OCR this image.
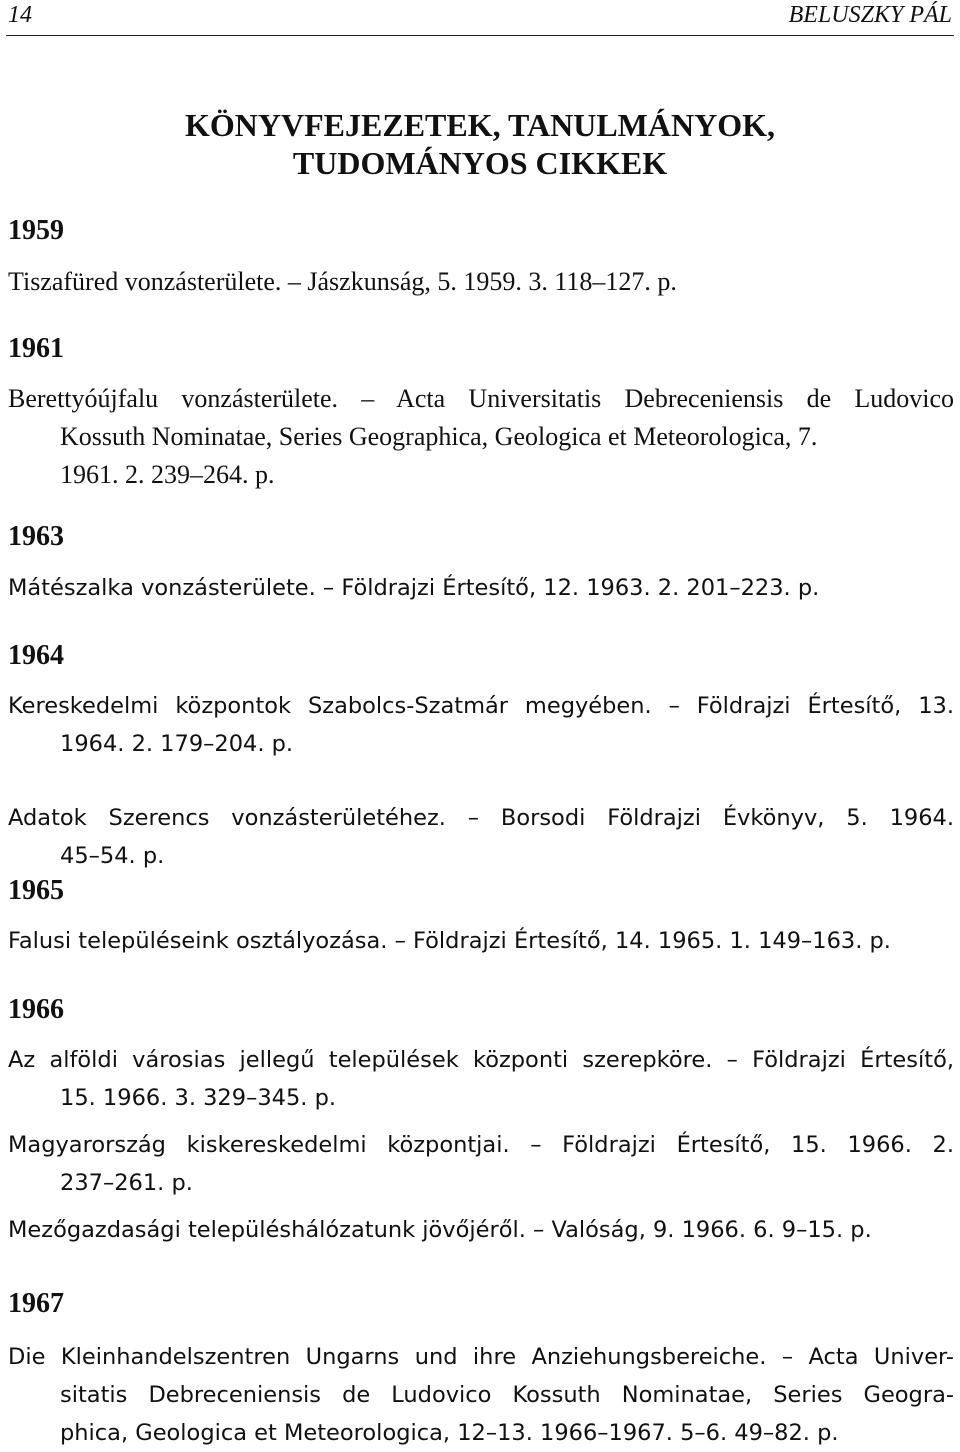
14	BELUSZKY PÁL
KÖNYVFEJEZETEK, TANULMÁNYOK,
TUDOMÁNYOS CIKKEK
1959
Tiszafüred vonzásterülete. – Jászkunság, 5. 1959. 3. 118–127. p.
1961
Berettyóújfalu vonzásterülete. – Acta Universitatis Debreceniensis de Ludovico
Kossuth Nominatae, Series Geographica, Geologica et Meteorologica, 7.
1961. 2. 239–264. p.
1963
Mátészalka vonzásterülete. – Földrajzi Értesítő, 12. 1963. 2. 201–223. p.
1964
Kereskedelmi központok Szabolcs-Szatmár megyében. – Földrajzi Értesítő, 13.
1964. 2. 179–204. p.
Adatok Szerencs vonzásterületéhez. – Borsodi Földrajzi Évkönyv, 5. 1964.
45–54. p.
1965
Falusi településeink osztályozása. – Földrajzi Értesítő, 14. 1965. 1. 149–163. p.
1966
Az alföldi városias jellegű települések központi szerepköre. – Földrajzi Értesítő,
15. 1966. 3. 329–345. p.
Magyarország kiskereskedelmi központjai. – Földrajzi Értesítő, 15. 1966. 2.
237–261. p.
Mezőgazdasági településhálózatunk jövőjéről. – Valóság, 9. 1966. 6. 9–15. p.
1967
Die Kleinhandelszentren Ungarns und ihre Anziehungsbereiche. – Acta Univer-
sitatis Debreceniensis de Ludovico Kossuth Nominatae, Series Geogra-
phica, Geologica et Meteorologica, 12–13. 1966–1967. 5–6. 49–82. p.
